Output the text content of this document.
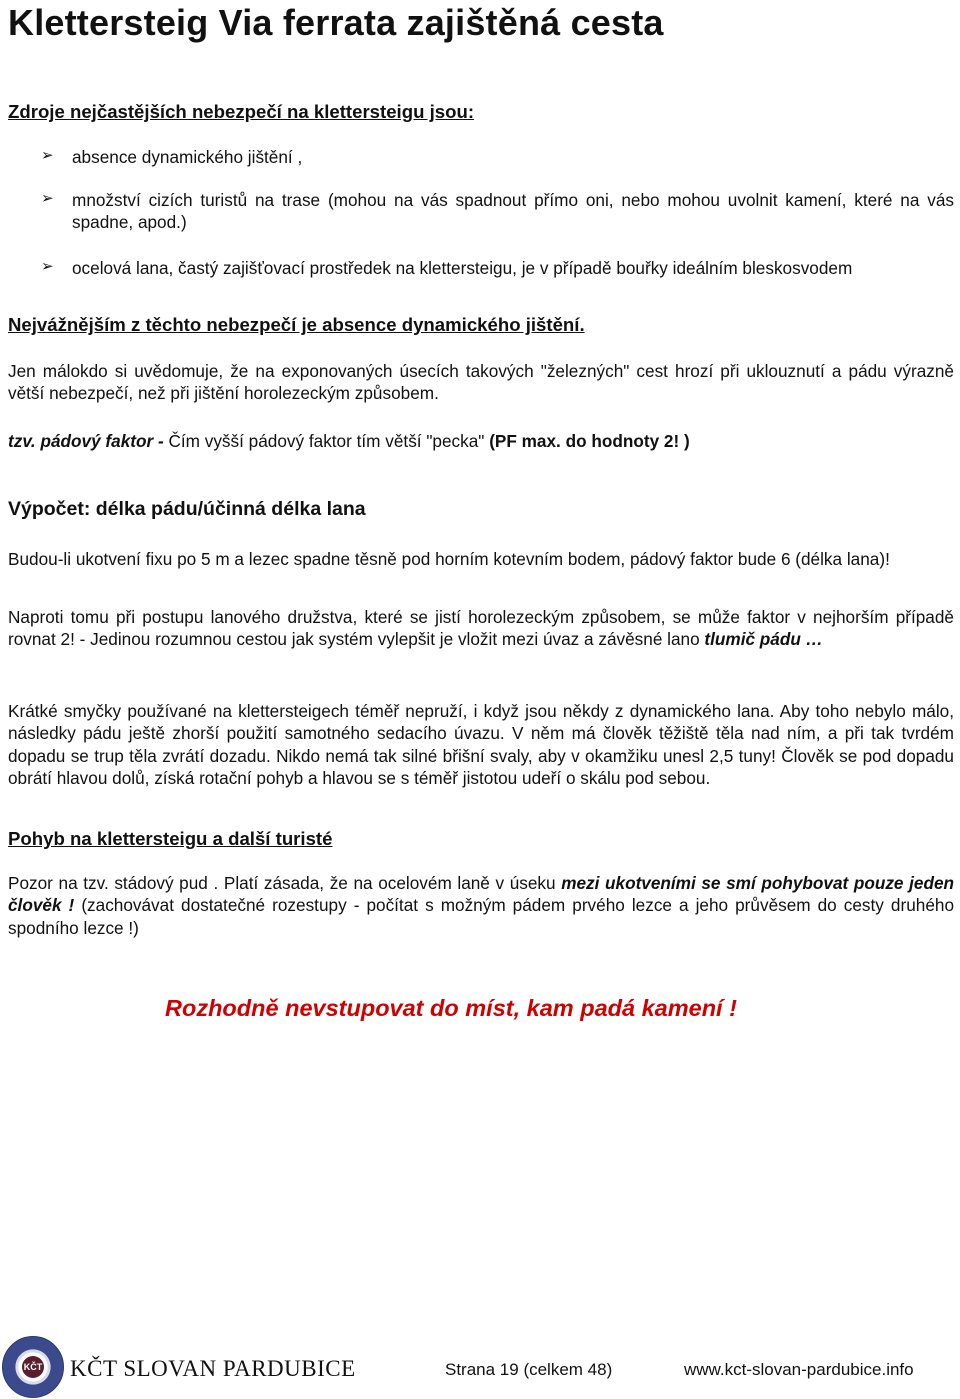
Klettersteig Via ferrata zajištěná cesta
Zdroje nejčastějších nebezpečí na klettersteigu jsou:
➢ absence dynamického jištění ,
➢ množství cizích turistů na trase (mohou na vás spadnout přímo oni, nebo mohou uvolnit kamení, které na vás spadne, apod.)
➢ ocelová lana, častý zajišťovací prostředek na klettersteigu, je v případě bouřky ideálním bleskosvodem
Nejvážnějším z těchto nebezpečí je absence dynamického jištění.
Jen málokdo si uvědomuje, že na exponovaných úsecích takových "železných" cest hrozí při uklouznutí a pádu výrazně větší nebezpečí, než při jištění horolezeckým způsobem.
tzv. pádový faktor - Čím vyšší pádový faktor tím větší "pecka" (PF max. do hodnoty 2! )
Výpočet: délka pádu/účinná délka lana
Budou-li ukotvení fixu po 5 m a lezec spadne těsně pod horním kotevním bodem, pádový faktor bude 6 (délka lana)!
Naproti tomu při postupu lanového družstva, které se jistí horolezeckým způsobem, se může faktor v nejhorším případě rovnat 2! - Jedinou rozumnou cestou jak systém vylepšit je vložit mezi úvaz a závěsné lano tlumič pádu …
Krátké smyčky používané na klettersteigech téměř nepruží, i když jsou někdy z dynamického lana. Aby toho nebylo málo, následky pádu ještě zhorší použití samotného sedacího úvazu. V něm má člověk těžiště těla nad ním, a při tak tvrdém dopadu se trup těla zvrátí dozadu. Nikdo nemá tak silné břišní svaly, aby v okamžiku unesl 2,5 tuny! Člověk se pod dopadu obrátí hlavou dolů, získá rotační pohyb a hlavou se s téměř jistotou udeří o skálu pod sebou.
Pohyb na klettersteigu a další turisté
Pozor na tzv. stádový pud . Platí zásada, že na ocelovém laně v úseku mezi ukotveními se smí pohybovat pouze jeden člověk ! (zachovávat dostatečné rozestupy - počítat s možným pádem prvého lezce a jeho průvěsem do cesty druhého spodního lezce !)
Rozhodně nevstupovat do míst, kam padá kamení !
KČT KČT SLOVAN PARDUBICE	Strana 19 (celkem 48)	www.kct-slovan-pardubice.info
